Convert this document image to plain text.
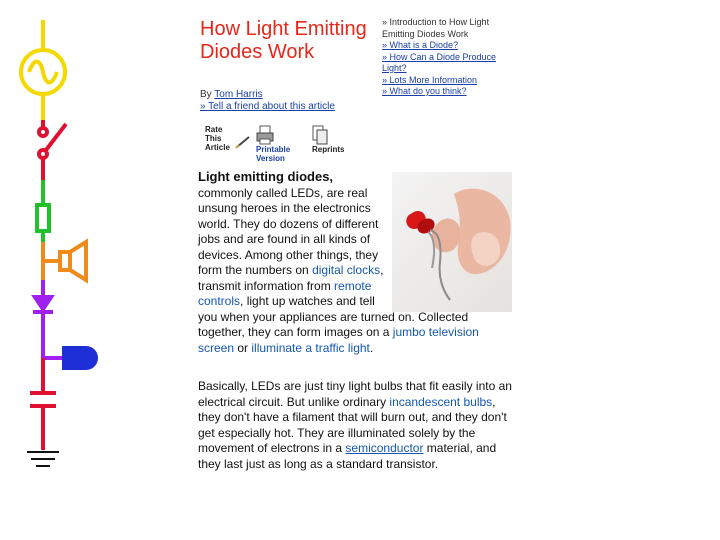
How Light Emitting Diodes Work
By Tom Harris
» Tell a friend about this article
» Introduction to How Light Emitting Diodes Work
» What is a Diode?
» How Can a Diode Produce Light?
» Lots More Information
» What do you think?
Rate This
Article	Printable
Version
Reprints
Light emitting diodes, commonly called LEDs, are real unsung heroes in the electronics world. They do dozens of different jobs and are found in all kinds of devices. Among other things, they form the numbers on digital clocks, transmit information from remote controls, light up watches and tell you when your appliances are turned on. Collected together, they can form images on a jumbo television screen or illuminate a traffic light.
Basically, LEDs are just tiny light bulbs that fit easily into an electrical circuit. But unlike ordinary incandescent bulbs, they don't have a filament that will burn out, and they don't get especially hot. They are illuminated solely by the movement of electrons in a semiconductor material, and they last just as long as a standard transistor.
